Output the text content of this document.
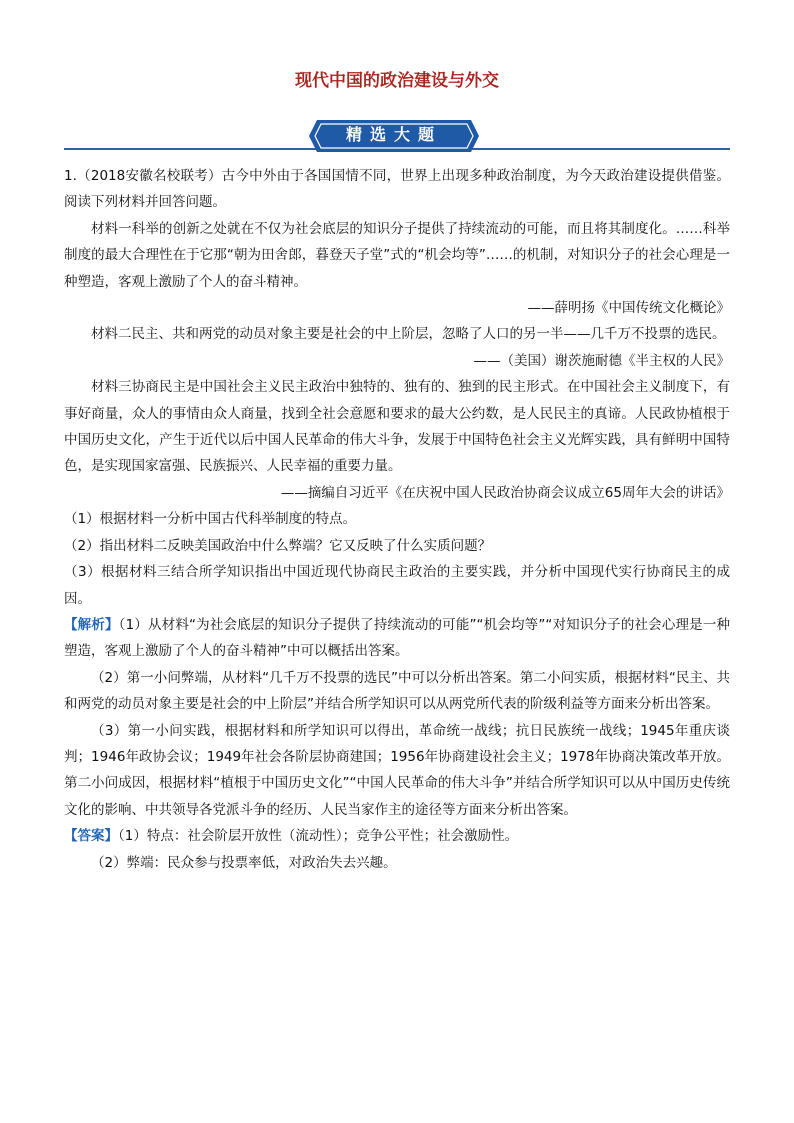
现代中国的政治建设与外交
精选大题

1.（2018安徽名校联考）古今中外由于各国国情不同，世界上出现多种政治制度，为今天政治建设提供借鉴。阅读下列材料并回答问题。

材料一科举的创新之处就在不仅为社会底层的知识分子提供了持续流动的可能，而且将其制度化。……科举制度的最大合理性在于它那“朝为田舍郎，暮登天子堂”式的“机会均等”……的机制，对知识分子的社会心理是一种塑造，客观上激励了个人的奋斗精神。

——薛明扬《中国传统文化概论》

材料二民主、共和两党的动员对象主要是社会的中上阶层，忽略了人口的另一半——几千万不投票的选民。

——（美国）谢茨施耐德《半主权的人民》

材料三协商民主是中国社会主义民主政治中独特的、独有的、独到的民主形式。在中国社会主义制度下，有事好商量，众人的事情由众人商量，找到全社会意愿和要求的最大公约数，是人民民主的真谛。人民政协植根于中国历史文化，产生于近代以后中国人民革命的伟大斗争，发展于中国特色社会主义光辉实践，具有鲜明中国特色，是实现国家富强、民族振兴、人民幸福的重要力量。

——摘编自习近平《在庆祝中国人民政治协商会议成立65周年大会的讲话》

（1）根据材料一分析中国古代科举制度的特点。

（2）指出材料二反映美国政治中什么弊端？它又反映了什么实质问题？

（3）根据材料三结合所学知识指出中国近现代协商民主政治的主要实践，并分析中国现代实行协商民主的成因。

【解析】（1）从材料“为社会底层的知识分子提供了持续流动的可能”“机会均等”“对知识分子的社会心理是一种塑造，客观上激励了个人的奋斗精神”中可以概括出答案。

（2）第一小问弊端，从材料“几千万不投票的选民”中可以分析出答案。第二小问实质，根据材料“民主、共和两党的动员对象主要是社会的中上阶层”并结合所学知识可以从两党所代表的阶级利益等方面来分析出答案。

（3）第一小问实践，根据材料和所学知识可以得出，革命统一战线；抗日民族统一战线；1945年重庆谈判；1946年政协会议；1949年社会各阶层协商建国；1956年协商建设社会主义；1978年协商决策改革开放。第二小问成因，根据材料“植根于中国历史文化”“中国人民革命的伟大斗争”并结合所学知识可以从中国历史传统文化的影响、中共领导各党派斗争的经历、人民当家作主的途径等方面来分析出答案。

【答案】（1）特点：社会阶层开放性（流动性）；竞争公平性；社会激励性。

（2）弊端：民众参与投票率低，对政治失去兴趣。
